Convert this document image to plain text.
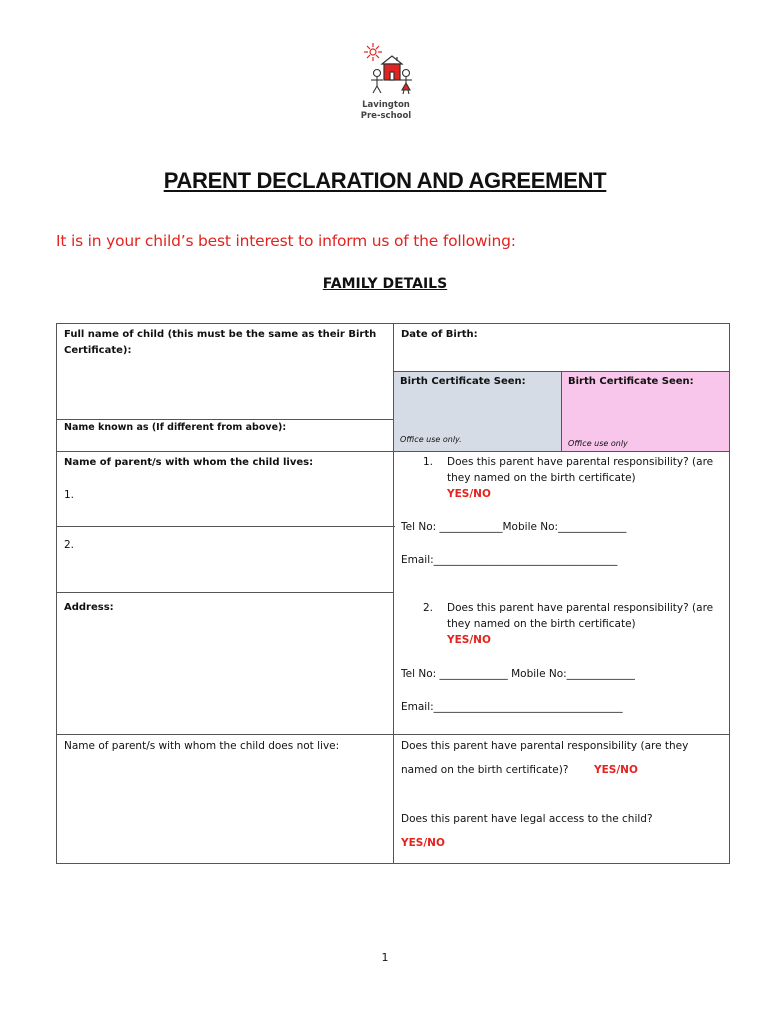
Lavington
Pre-school
PARENT DECLARATION AND AGREEMENT
It is in your child’s best interest to inform us of the following:
FAMILY DETAILS
Full name of child (this must be the same as their Birth Certificate):
Date of Birth:
Birth Certificate Seen:
Office use only.
Birth Certificate Seen:
Office use only
Name known as (If different from above):
Name of parent/s with whom the child lives:
1.
2.
Address:
1. Does this parent have parental responsibility? (are they named on the birth certificate)
YES/NO
Tel No: ____________Mobile No:_____________
Email:___________________________________
2. Does this parent have parental responsibility? (are they named on the birth certificate)
YES/NO
Tel No: _____________ Mobile No:_____________
Email:____________________________________
Name of parent/s with whom the child does not live:	Does this parent have parental responsibility (are they
named on the birth certificate)? YES/NO
Does this parent have legal access to the child?
YES/NO
1
